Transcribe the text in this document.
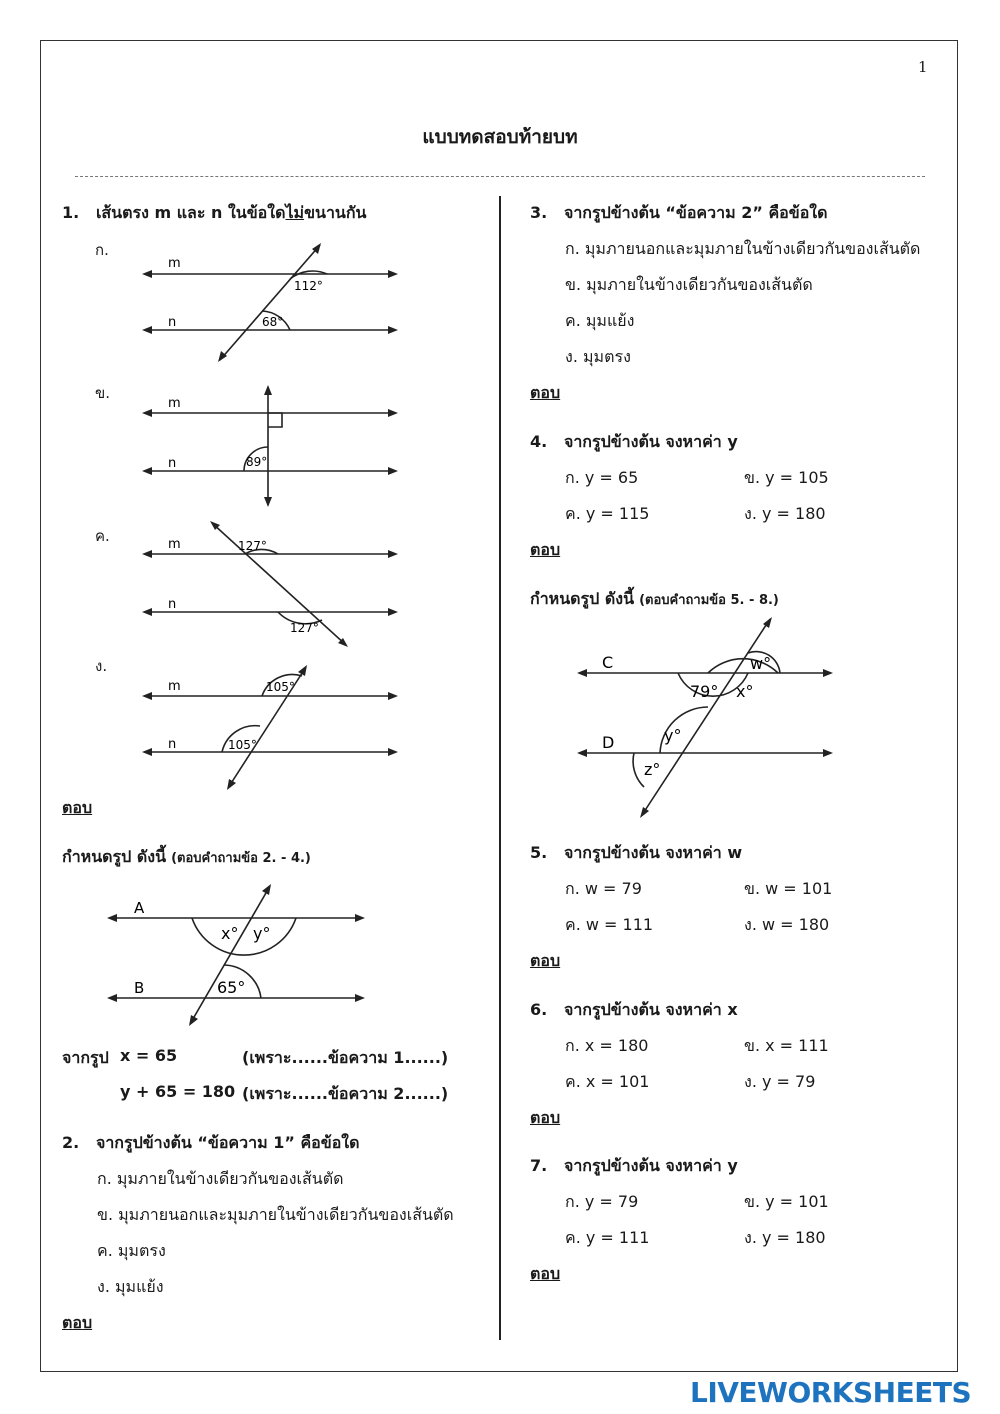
1
แบบทดสอบท้ายบท
1. เส้นตรง m และ n ในข้อใดไม่ขนานกัน
ก.
ข.
ค.
ง.
m
n
112°
68°
m
n	89°
m
n
127°
127°
m
n
105°
105°
ตอบ
กำหนดรูป ดังนี้ (ตอบคำถามข้อ 2. - 4.)
A
B
x° y°
65°
จากรูป x = 65	(เพราะ......ข้อความ 1......)
y + 65 = 180 (เพราะ......ข้อความ 2......)
2. จากรูปข้างต้น “ข้อความ 1” คือข้อใด
ก. มุมภายในข้างเดียวกันของเส้นตัด
ข. มุมภายนอกและมุมภายในข้างเดียวกันของเส้นตัด
ค. มุมตรง
ง. มุมแย้ง
ตอบ
3. จากรูปข้างต้น “ข้อความ 2” คือข้อใด
ก. มุมภายนอกและมุมภายในข้างเดียวกันของเส้นตัด
ข. มุมภายในข้างเดียวกันของเส้นตัด
ค. มุมแย้ง
ง. มุมตรง
ตอบ
4. จากรูปข้างต้น จงหาค่า y
ก. y = 65	ข. y = 105
ค. y = 115	ง. y = 180
ตอบ
กำหนดรูป ดังนี้ (ตอบคำถามข้อ 5. - 8.)
C
D
w°
79° x°
y°
z°
5. จากรูปข้างต้น จงหาค่า w
ก. w = 79	ข. w = 101
ค. w = 111	ง. w = 180
ตอบ
6. จากรูปข้างต้น จงหาค่า x
ก. x = 180	ข. x = 111
ค. x = 101	ง. y = 79
ตอบ
7. จากรูปข้างต้น จงหาค่า y
ก. y = 79	ข. y = 101
ค. y = 111	ง. y = 180
ตอบ
LIVEWORKSHEETS
